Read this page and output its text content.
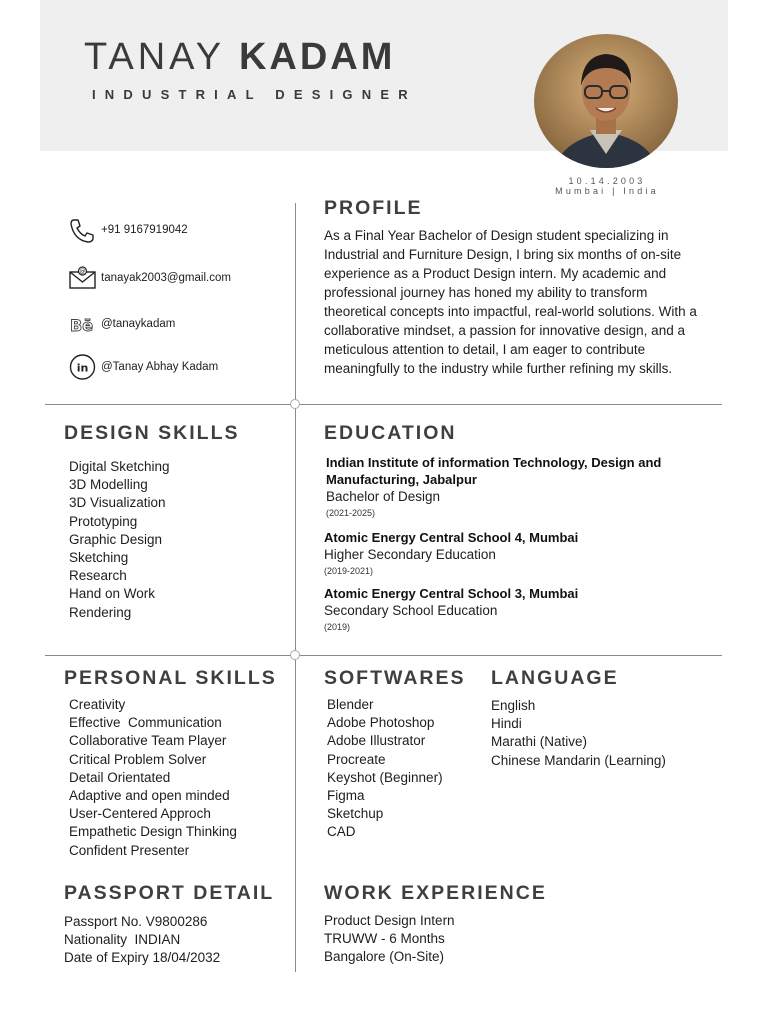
TANAY KADAM
INDUSTRIAL DESIGNER
10.14.2003
Mumbai | India
+91 9167919042
@
tanayak2003@gmail.com
Bē @tanaykadam
in @Tanay Abhay Kadam
PROFILE

As a Final Year Bachelor of Design student specializing in Industrial and Furniture Design, I bring six months of on-site experience as a Product Design intern. My academic and professional journey has honed my ability to transform theoretical concepts into impactful, real-world solutions. With a collaborative mindset, a passion for innovative design, and a meticulous attention to detail, I am eager to contribute meaningfully to the industry while further refining my skills.

DESIGN SKILLS
Digital Sketching
3D Modelling
3D Visualization
Prototyping
Graphic Design
Sketching
Research
Hand on Work
Rendering
EDUCATION
Indian Institute of information Technology, Design and Manufacturing, Jabalpur
Bachelor of Design
(2021-2025)
Atomic Energy Central School 4, Mumbai
Higher Secondary Education
(2019-2021)
Atomic Energy Central School 3, Mumbai
Secondary School Education
(2019)
PERSONAL SKILLS
Creativity
Effective  Communication
Collaborative Team Player
Critical Problem Solver
Detail Orientated
Adaptive and open minded
User-Centered Approch
Empathetic Design Thinking
Confident Presenter
SOFTWARES
Blender
Adobe Photoshop
Adobe Illustrator
Procreate
Keyshot (Beginner)
Figma
Sketchup
CAD
LANGUAGE
English
Hindi
Marathi (Native)
Chinese Mandarin (Learning)
PASSPORT DETAIL
Passport No. V9800286
Nationality INDIAN
Date of Expiry 18/04/2032
WORK EXPERIENCE
Product Design Intern
TRUWW - 6 Months
Bangalore (On-Site)
